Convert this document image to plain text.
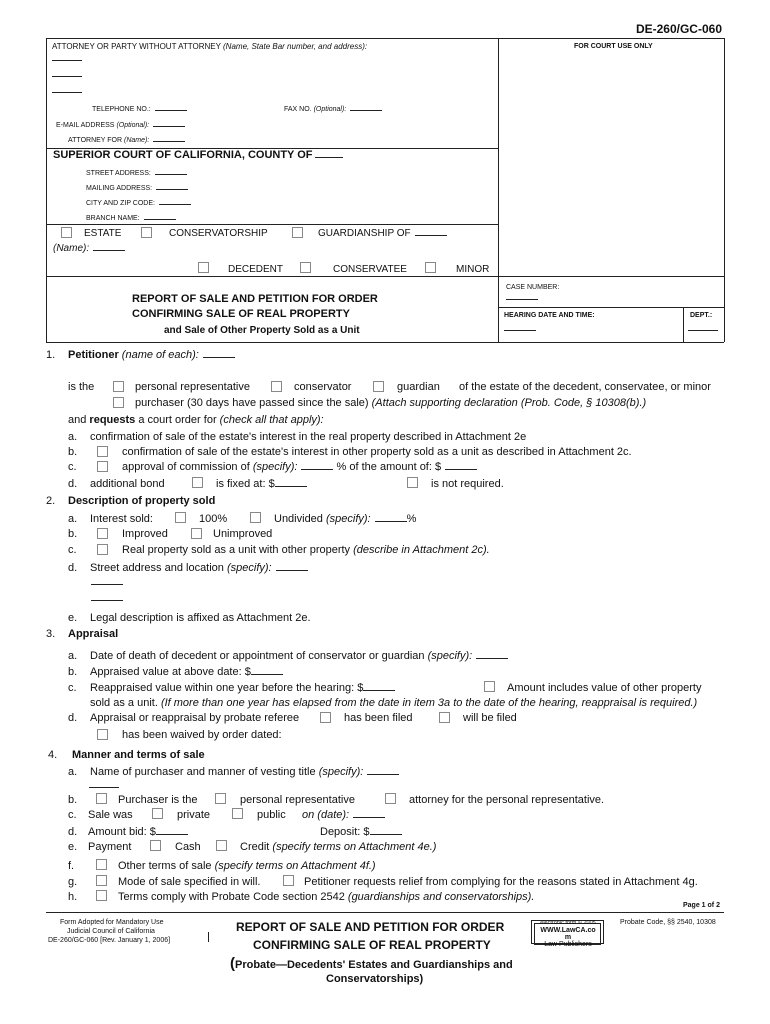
DE-260/GC-060
ATTORNEY OR PARTY WITHOUT ATTORNEY (Name, State Bar number, and address):	FOR COURT USE ONLY
TELEPHONE NO.:	FAX NO. (Optional):
E-MAIL ADDRESS (Optional):
ATTORNEY FOR (Name):
SUPERIOR COURT OF CALIFORNIA, COUNTY OF
STREET ADDRESS:
MAILING ADDRESS:
CITY AND ZIP CODE:
BRANCH NAME:
ESTATE	CONSERVATORSHIP	GUARDIANSHIP OF
(Name):
DECEDENT	CONSERVATEE	MINOR
REPORT OF SALE AND PETITION FOR ORDER
CONFIRMING SALE OF REAL PROPERTY
and Sale of Other Property Sold as a Unit
CASE NUMBER:
HEARING DATE AND TIME:	DEPT.:
1. Petitioner (name of each):
is the	personal representative	conservator	guardian of the estate of the decedent, conservatee, or minor
purchaser (30 days have passed since the sale) (Attach supporting declaration (Prob. Code, § 10308(b).)
and requests a court order for (check all that apply):
a. confirmation of sale of the estate's interest in the real property described in Attachment 2e
b.	confirmation of sale of the estate's interest in other property sold as a unit as described in Attachment 2c.
c.	approval of commission of (specify):	% of the amount of: $
d. additional bond	is fixed at: $	is not required.
2. Description of property sold
a. Interest sold:	100%	Undivided (specify):	%
b.	Improved	Unimproved
c.	Real property sold as a unit with other property (describe in Attachment 2c).
d. Street address and location (specify):
e. Legal description is affixed as Attachment 2e.
3. Appraisal
a. Date of death of decedent or appointment of conservator or guardian (specify):
b. Appraised value at above date: $
c. Reappraised value within one year before the hearing: $	Amount includes value of other property
sold as a unit. (If more than one year has elapsed from the date in item 3a to the date of the hearing, reappraisal is required.)
d. Appraisal or reappraisal by probate referee	has been filed	will be filed
has been waived by order dated:
4. Manner and terms of sale
a. Name of purchaser and manner of vesting title (specify):
b.	Purchaser is the	personal representative	attorney for the personal representative.
c. Sale was	private	public on (date):
d. Amount bid: $	Deposit: $
e. Payment	Cash	Credit (specify terms on Attachment 4e.)
f.	Other terms of sale (specify terms on Attachment 4f.)
g.	Mode of sale specified in will.	Petitioner requests relief from complying for the reasons stated in Attachment 4g.
h.	Terms comply with Probate Code section 2542 (guardianships and conservatorships).
Page 1 of 2
Form Adopted for Mandatory Use
Judicial Council of California
DE-260/GC-060 [Rev. January 1, 2006]
REPORT OF SALE AND PETITION FOR ORDER
CONFIRMING SALE OF REAL PROPERTY
(Probate—Decedents' Estates and Guardianships and
Conservatorships)
electronic form © 2005
WWW.LawCA.co
m
Law Publishers
Probate Code, §§ 2540, 10308
